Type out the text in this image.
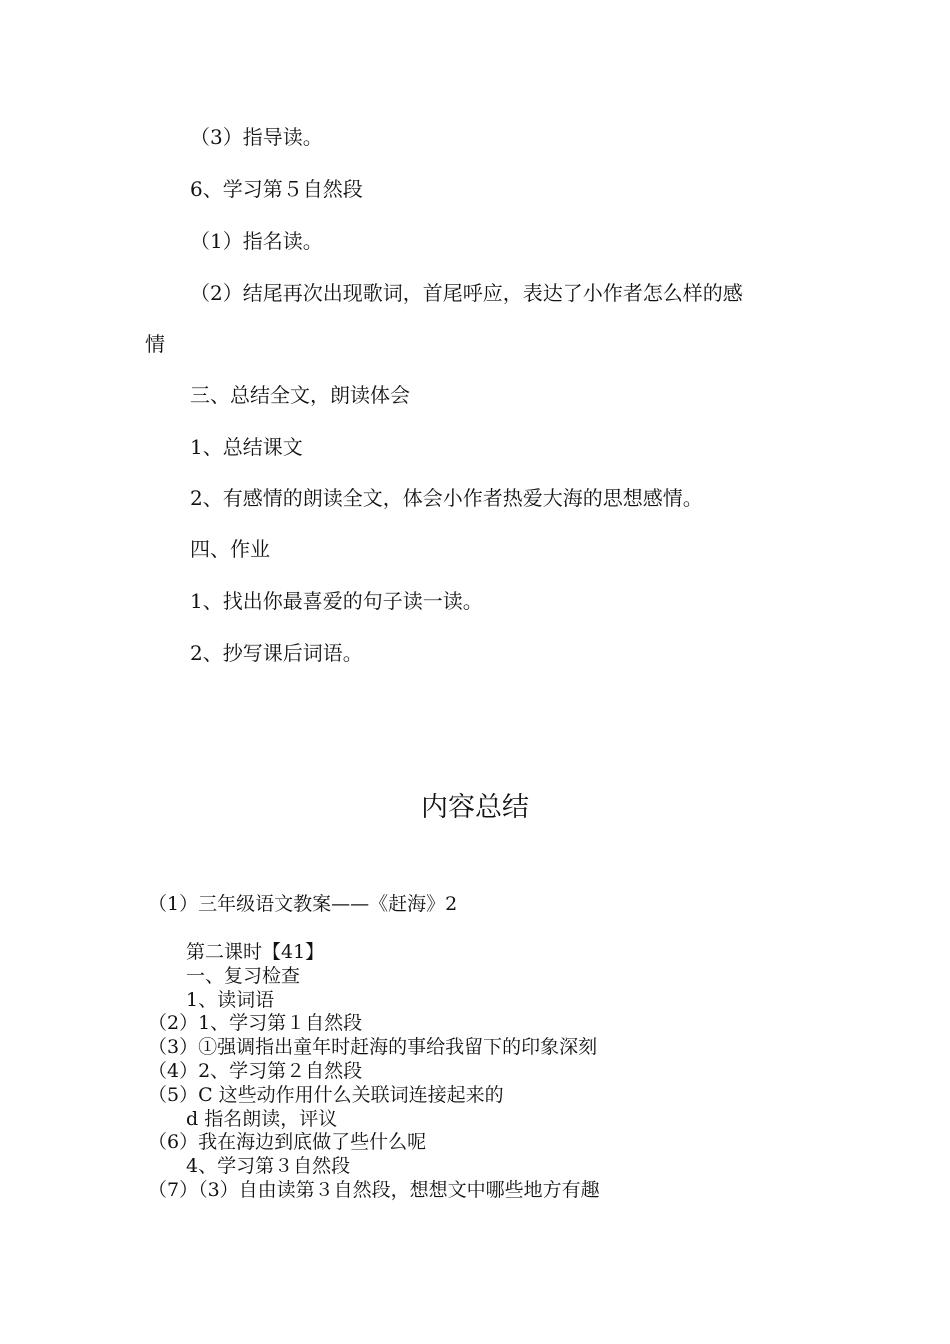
（3）指导读。

6、学习第５自然段

（1）指名读。

（2）结尾再次出现歌词，首尾呼应，表达了小作者怎么样的感

情

三、总结全文，朗读体会

1、总结课文

2、有感情的朗读全文，体会小作者热爱大海的思想感情。

四、作业

1、找出你最喜爱的句子读一读。

2、抄写课后词语。

内容总结
（1）三年级语文教案——《赶海》2
第二课时【41】
一、复习检查
1、读词语
（2）1、学习第１自然段
（3）①强调指出童年时赶海的事给我留下的印象深刻
（4）2、学习第２自然段
（5）C 这些动作用什么关联词连接起来的
d 指名朗读，评议
（6）我在海边到底做了些什么呢
4、学习第３自然段
（7）（3）自由读第３自然段，想想文中哪些地方有趣
